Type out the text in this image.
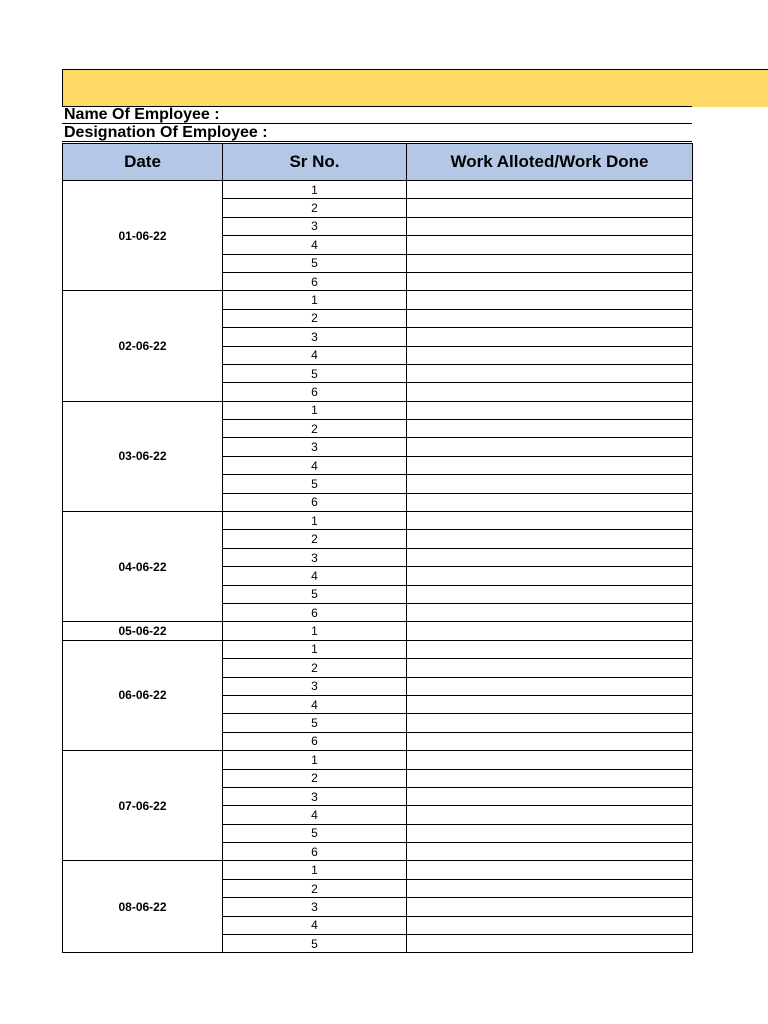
Name Of Employee :
Designation Of Employee :
Date	Sr No.	Work Alloted/Work Done
01-06-22	1	
	2	
	3	
	4	
	5	
	6	
02-06-22	1	
	2	
	3	
	4	
	5	
	6	
03-06-22	1	
	2	
	3	
	4	
	5	
	6	
04-06-22	1	
	2	
	3	
	4	
	5	
	6	
05-06-22	1	
06-06-22	1	
	2	
	3	
	4	
	5	
	6	
07-06-22	1	
	2	
	3	
	4	
	5	
	6	
08-06-22	1	
	2	
	3	
	4	
	5	
